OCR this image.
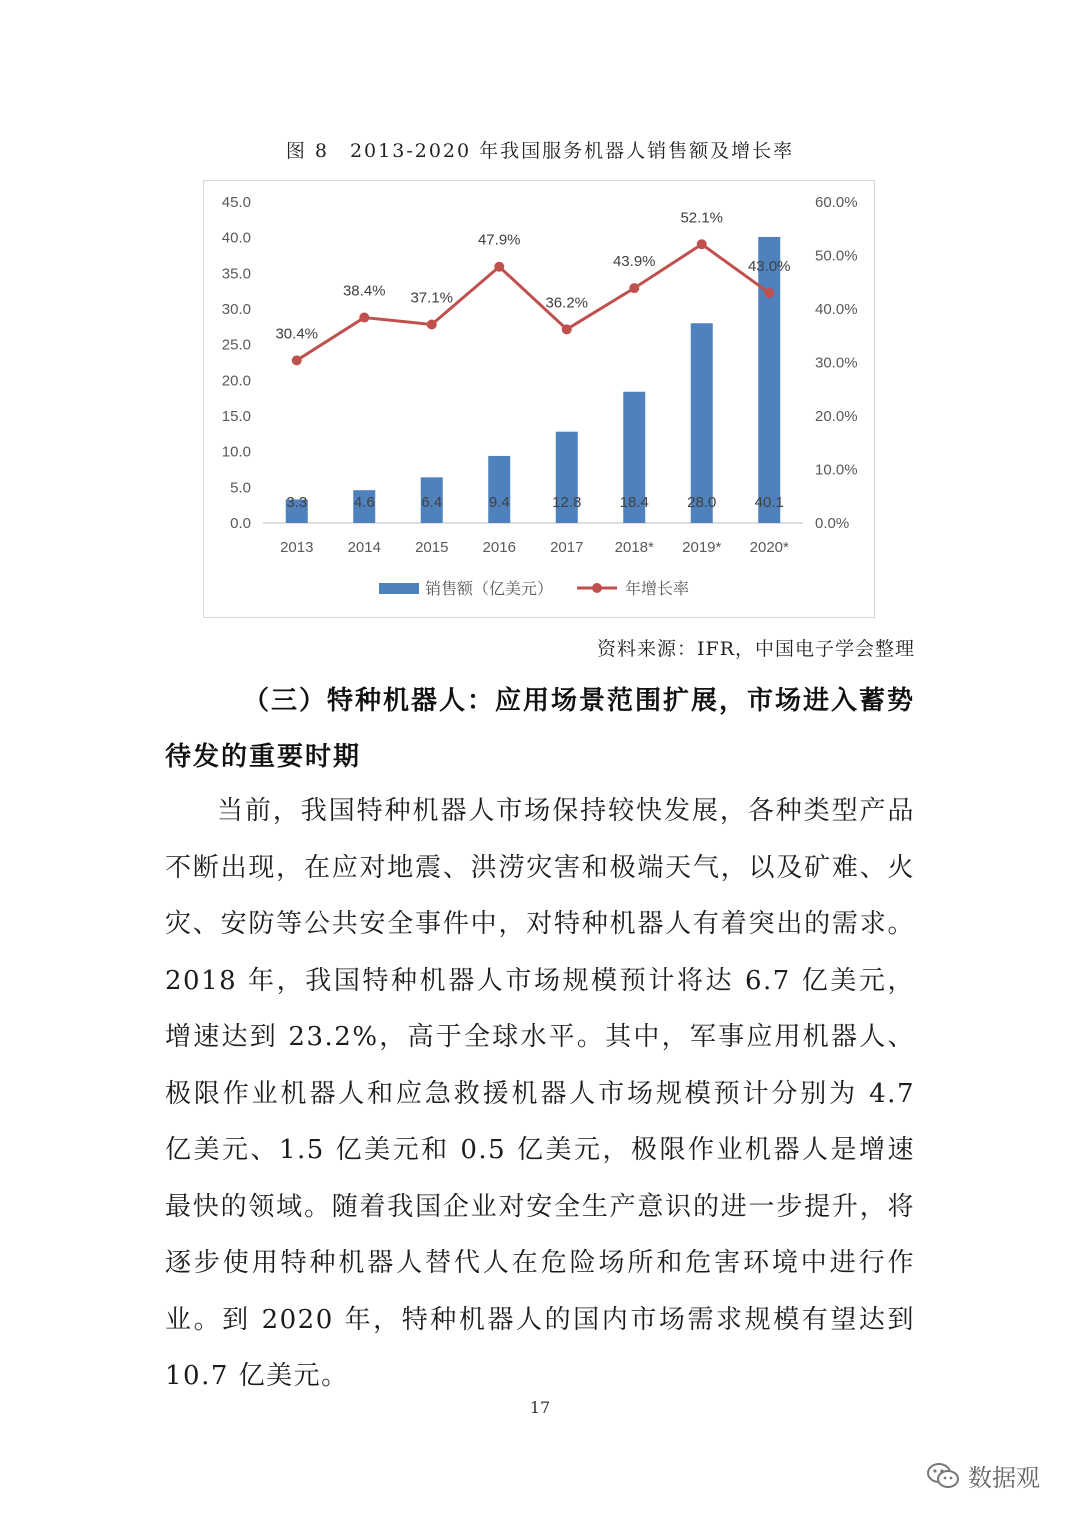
图 8　2013-2020 年我国服务机器人销售额及增长率
0.0
5.0
10.0
15.0
20.0
25.0
30.0
35.0
40.0
45.0
0.0%
10.0%
20.0%
30.0%
40.0%
50.0%
60.0%
3.3	4.6	6.4	9.4	12.8	18.4	28.0	40.1
30.4%
38.4% 37.1%
47.9%
36.2%
43.9%
52.1%
43.0%
2013 2014 2015 2016 2017 2018* 2019* 2020*
销售额（亿美元）	年增长率
资料来源：IFR，中国电子学会整理
（三）特种机器人：应用场景范围扩展，市场进入蓄势
待发的重要时期

当前，我国特种机器人市场保持较快发展，各种类型产品不断出现，在应对地震、洪涝灾害和极端天气，以及矿难、火灾、安防等公共安全事件中，对特种机器人有着突出的需求。2018 年，我国特种机器人市场规模预计将达 6.7 亿美元，增速达到 23.2%，高于全球水平。其中，军事应用机器人、极限作业机器人和应急救援机器人市场规模预计分别为 4.7 亿美元、1.5 亿美元和 0.5 亿美元，极限作业机器人是增速最快的领域。随着我国企业对安全生产意识的进一步提升，将逐步使用特种机器人替代人在危险场所和危害环境中进行作业。到 2020 年，特种机器人的国内市场需求规模有望达到 10.7 亿美元。

17
数据观
